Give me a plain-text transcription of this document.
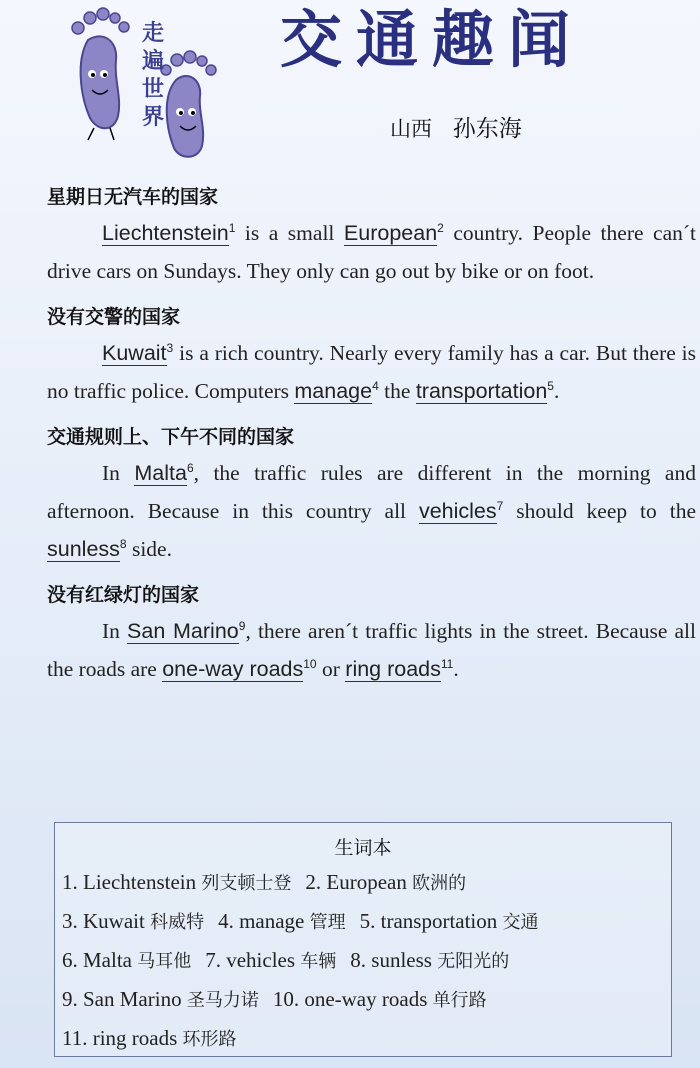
走
遍
世
界
交通趣闻
山西 孙东海
星期日无汽车的国家

Liechtenstein$^1$ is a small European$^2$ country. People there can´t drive cars on Sundays. They only can go out by bike or on foot.

没有交警的国家

Kuwait$^3$ is a rich country. Nearly every family has a car. But there is no traffic police. Computers manage$^4$ the transportation$^5$.

交通规则上、下午不同的国家

In Malta$^6$, the traffic rules are different in the morning and afternoon. Because in this country all vehicles$^7$ should keep to the sunless$^8$ side.

没有红绿灯的国家

In San Marino$^9$, there aren´t traffic lights in the street. Because all the roads are one-way roads$^{10}$ or ring roads$^{11}$.

生词本
1. Liechtenstein 列支顿士登 2. European 欧洲的
3. Kuwait 科威特 4. manage 管理 5. transportation 交通
6. Malta 马耳他 7. vehicles 车辆 8. sunless 无阳光的
9. San Marino 圣马力诺 10. one-way roads 单行路
11. ring roads 环形路
